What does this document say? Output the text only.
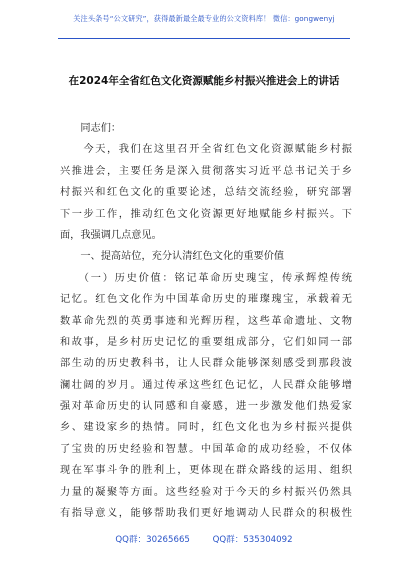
关注头条号“公文研究”，获得最新最全最专业的公文资料库！ 微信：gongwenyj
在2024年全省红色文化资源赋能乡村振兴推进会上的讲话
　　同志们：
　　今天，我们在这里召开全省红色文化资源赋能乡村振
兴推进会，主要任务是深入贯彻落实习近平总书记关于乡
村振兴和红色文化的重要论述，总结交流经验，研究部署
下一步工作，推动红色文化资源更好地赋能乡村振兴。下
面，我强调几点意见。
　　一、提高站位，充分认清红色文化的重要价值
　　（一）历史价值：铭记革命历史瑰宝，传承辉煌传统
记忆。红色文化作为中国革命历史的璀璨瑰宝，承载着无
数革命先烈的英勇事迹和光辉历程，这些革命遗址、文物
和故事，是乡村历史记忆的重要组成部分，它们如同一部
部生动的历史教科书，让人民群众能够深刻感受到那段波
澜壮阔的岁月。通过传承这些红色记忆，人民群众能够增
强对革命历史的认同感和自豪感，进一步激发他们热爱家
乡、建设家乡的热情。同时，红色文化也为乡村振兴提供
了宝贵的历史经验和智慧。中国革命的成功经验，不仅体
现在军事斗争的胜利上，更体现在群众路线的运用、组织
力量的凝聚等方面。这些经验对于今天的乡村振兴仍然具
有指导意义，能够帮助我们更好地调动人民群众的积极性
QQ群：30265665	QQ群：535304092
